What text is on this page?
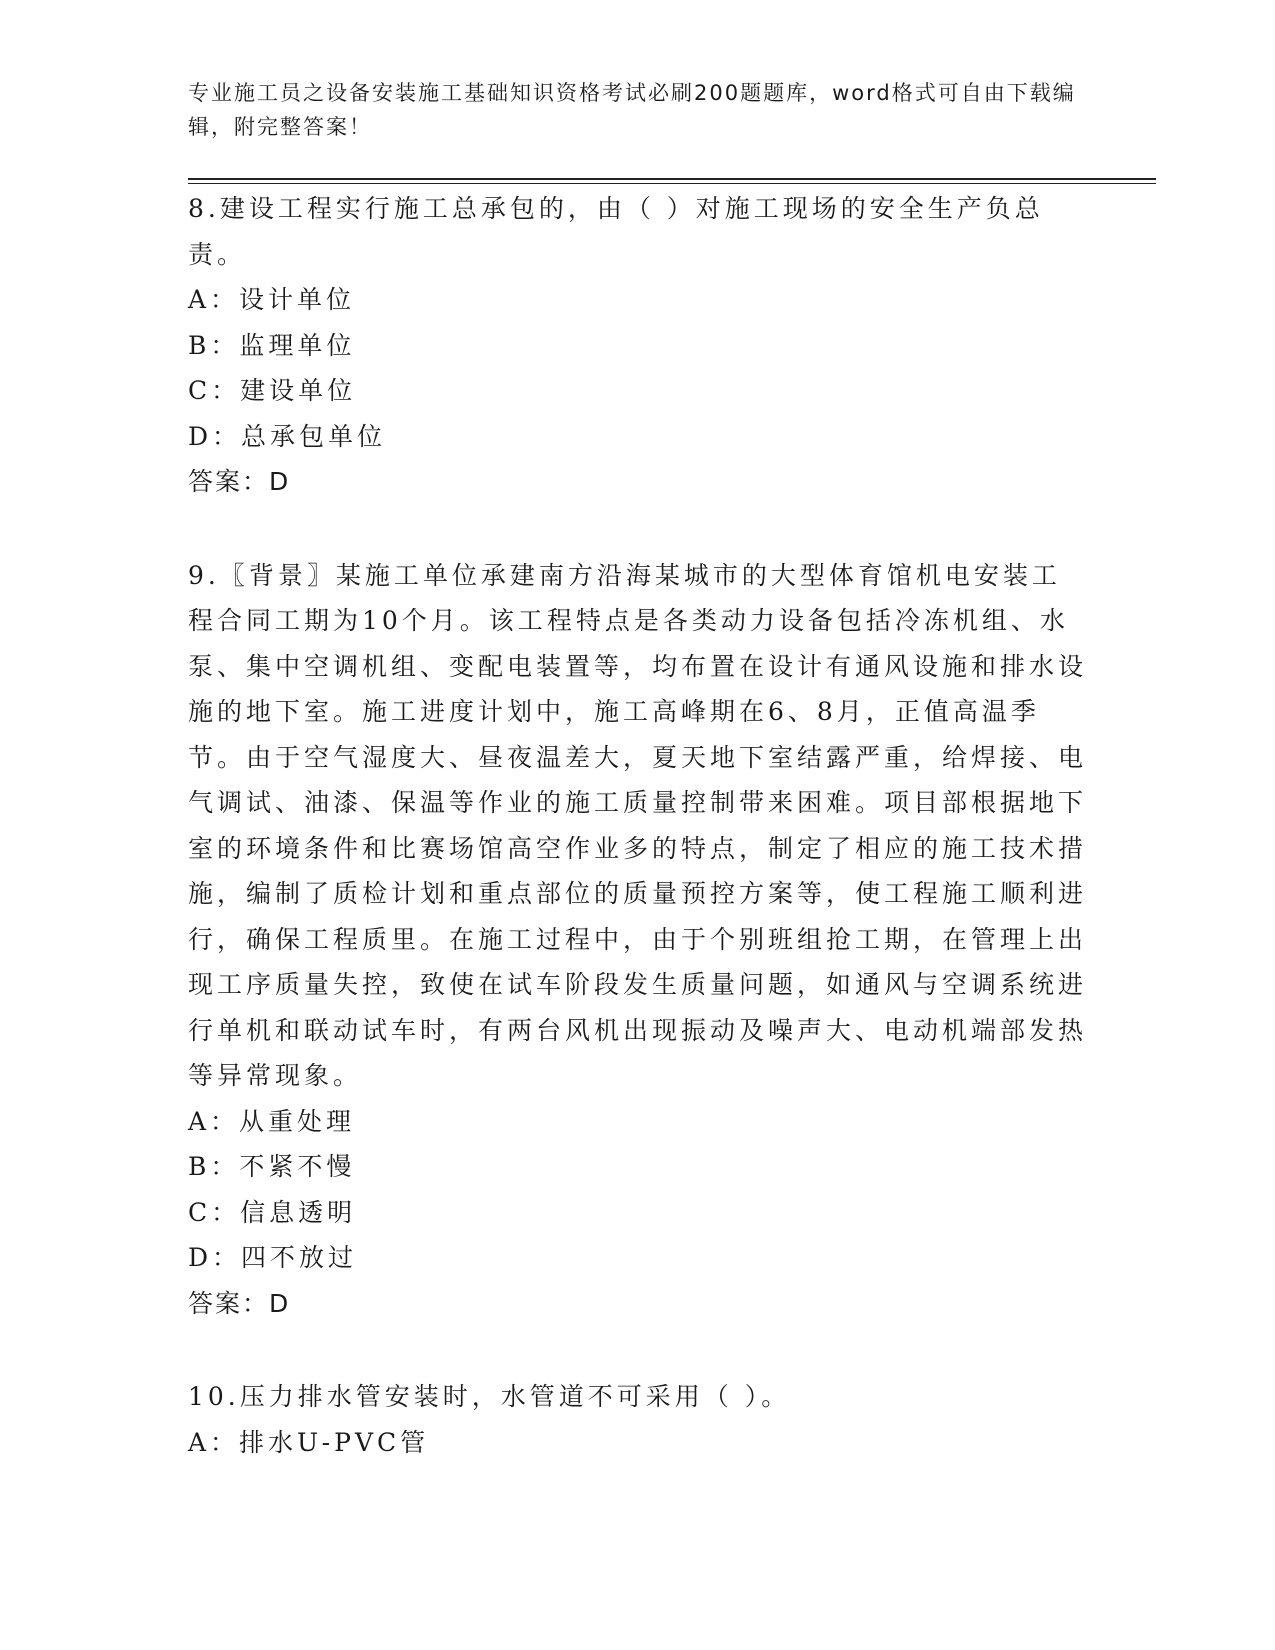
专业施工员之设备安装施工基础知识资格考试必刷200题题库，word格式可自由下载编辑，附完整答案！

8.建设工程实行施工总承包的，由（ ）对施工现场的安全生产负总责。

A：设计单位

B：监理单位

C：建设单位

D：总承包单位

答案：D

9.〖背景〗某施工单位承建南方沿海某城市的大型体育馆机电安装工程合同工期为10个月。该工程特点是各类动力设备包括冷冻机组、水泵、集中空调机组、变配电装置等，均布置在设计有通风设施和排水设施的地下室。施工进度计划中，施工高峰期在6、8月，正值高温季节。由于空气湿度大、昼夜温差大，夏天地下室结露严重，给焊接、电气调试、油漆、保温等作业的施工质量控制带来困难。项目部根据地下室的环境条件和比赛场馆高空作业多的特点，制定了相应的施工技术措施，编制了质检计划和重点部位的质量预控方案等，使工程施工顺利进行，确保工程质里。在施工过程中，由于个别班组抢工期，在管理上出现工序质量失控，致使在试车阶段发生质量问题，如通风与空调系统进行单机和联动试车时，有两台风机出现振动及噪声大、电动机端部发热等异常现象。

A：从重处理

B：不紧不慢

C：信息透明

D：四不放过

答案：D

10.压力排水管安装时，水管道不可采用（ ）。

A：排水U-PVC管
